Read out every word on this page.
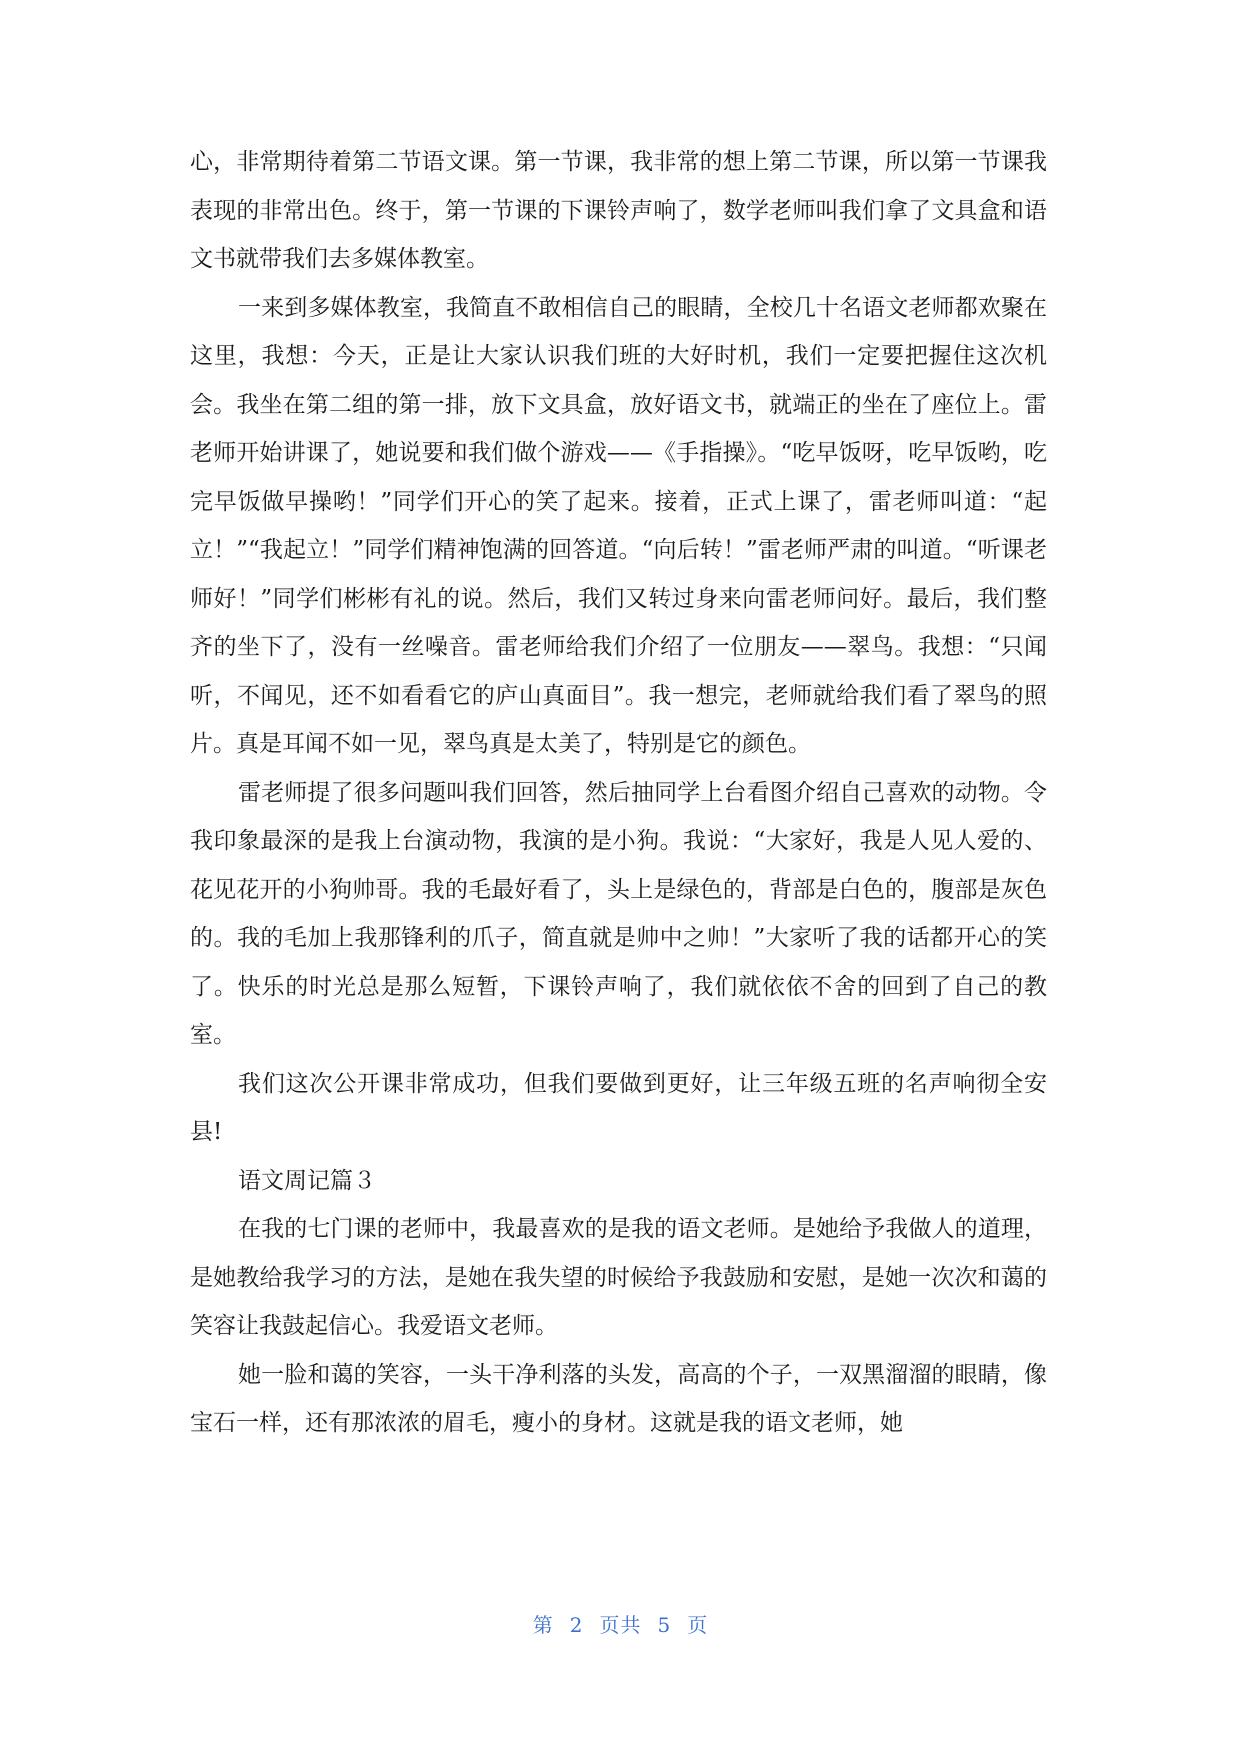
心，非常期待着第二节语文课。第一节课，我非常的想上第二节课，所以第一节课我表现的非常出色。终于，第一节课的下课铃声响了，数学老师叫我们拿了文具盒和语文书就带我们去多媒体教室。

一来到多媒体教室，我简直不敢相信自己的眼睛，全校几十名语文老师都欢聚在这里，我想：今天，正是让大家认识我们班的大好时机，我们一定要把握住这次机会。我坐在第二组的第一排，放下文具盒，放好语文书，就端正的坐在了座位上。雷老师开始讲课了，她说要和我们做个游戏——《手指操》。“吃早饭呀，吃早饭哟，吃完早饭做早操哟！”同学们开心的笑了起来。接着，正式上课了，雷老师叫道：“起立！”“我起立！”同学们精神饱满的回答道。“向后转！”雷老师严肃的叫道。“听课老师好！”同学们彬彬有礼的说。然后，我们又转过身来向雷老师问好。最后，我们整齐的坐下了，没有一丝噪音。雷老师给我们介绍了一位朋友——翠鸟。我想：“只闻听，不闻见，还不如看看它的庐山真面目”。我一想完，老师就给我们看了翠鸟的照片。真是耳闻不如一见，翠鸟真是太美了，特别是它的颜色。

雷老师提了很多问题叫我们回答，然后抽同学上台看图介绍自己喜欢的动物。令我印象最深的是我上台演动物，我演的是小狗。我说：“大家好，我是人见人爱的、花见花开的小狗帅哥。我的毛最好看了，头上是绿色的，背部是白色的，腹部是灰色的。我的毛加上我那锋利的爪子，简直就是帅中之帅！”大家听了我的话都开心的笑了。快乐的时光总是那么短暂，下课铃声响了，我们就依依不舍的回到了自己的教室。

我们这次公开课非常成功，但我们要做到更好，让三年级五班的名声响彻全安县!

语文周记篇３

在我的七门课的老师中，我最喜欢的是我的语文老师。是她给予我做人的道理，是她教给我学习的方法，是她在我失望的时候给予我鼓励和安慰，是她一次次和蔼的笑容让我鼓起信心。我爱语文老师。

她一脸和蔼的笑容，一头干净利落的头发，高高的个子，一双黑溜溜的眼睛，像宝石一样，还有那浓浓的眉毛，瘦小的身材。这就是我的语文老师，她

第 2 页共 5 页
